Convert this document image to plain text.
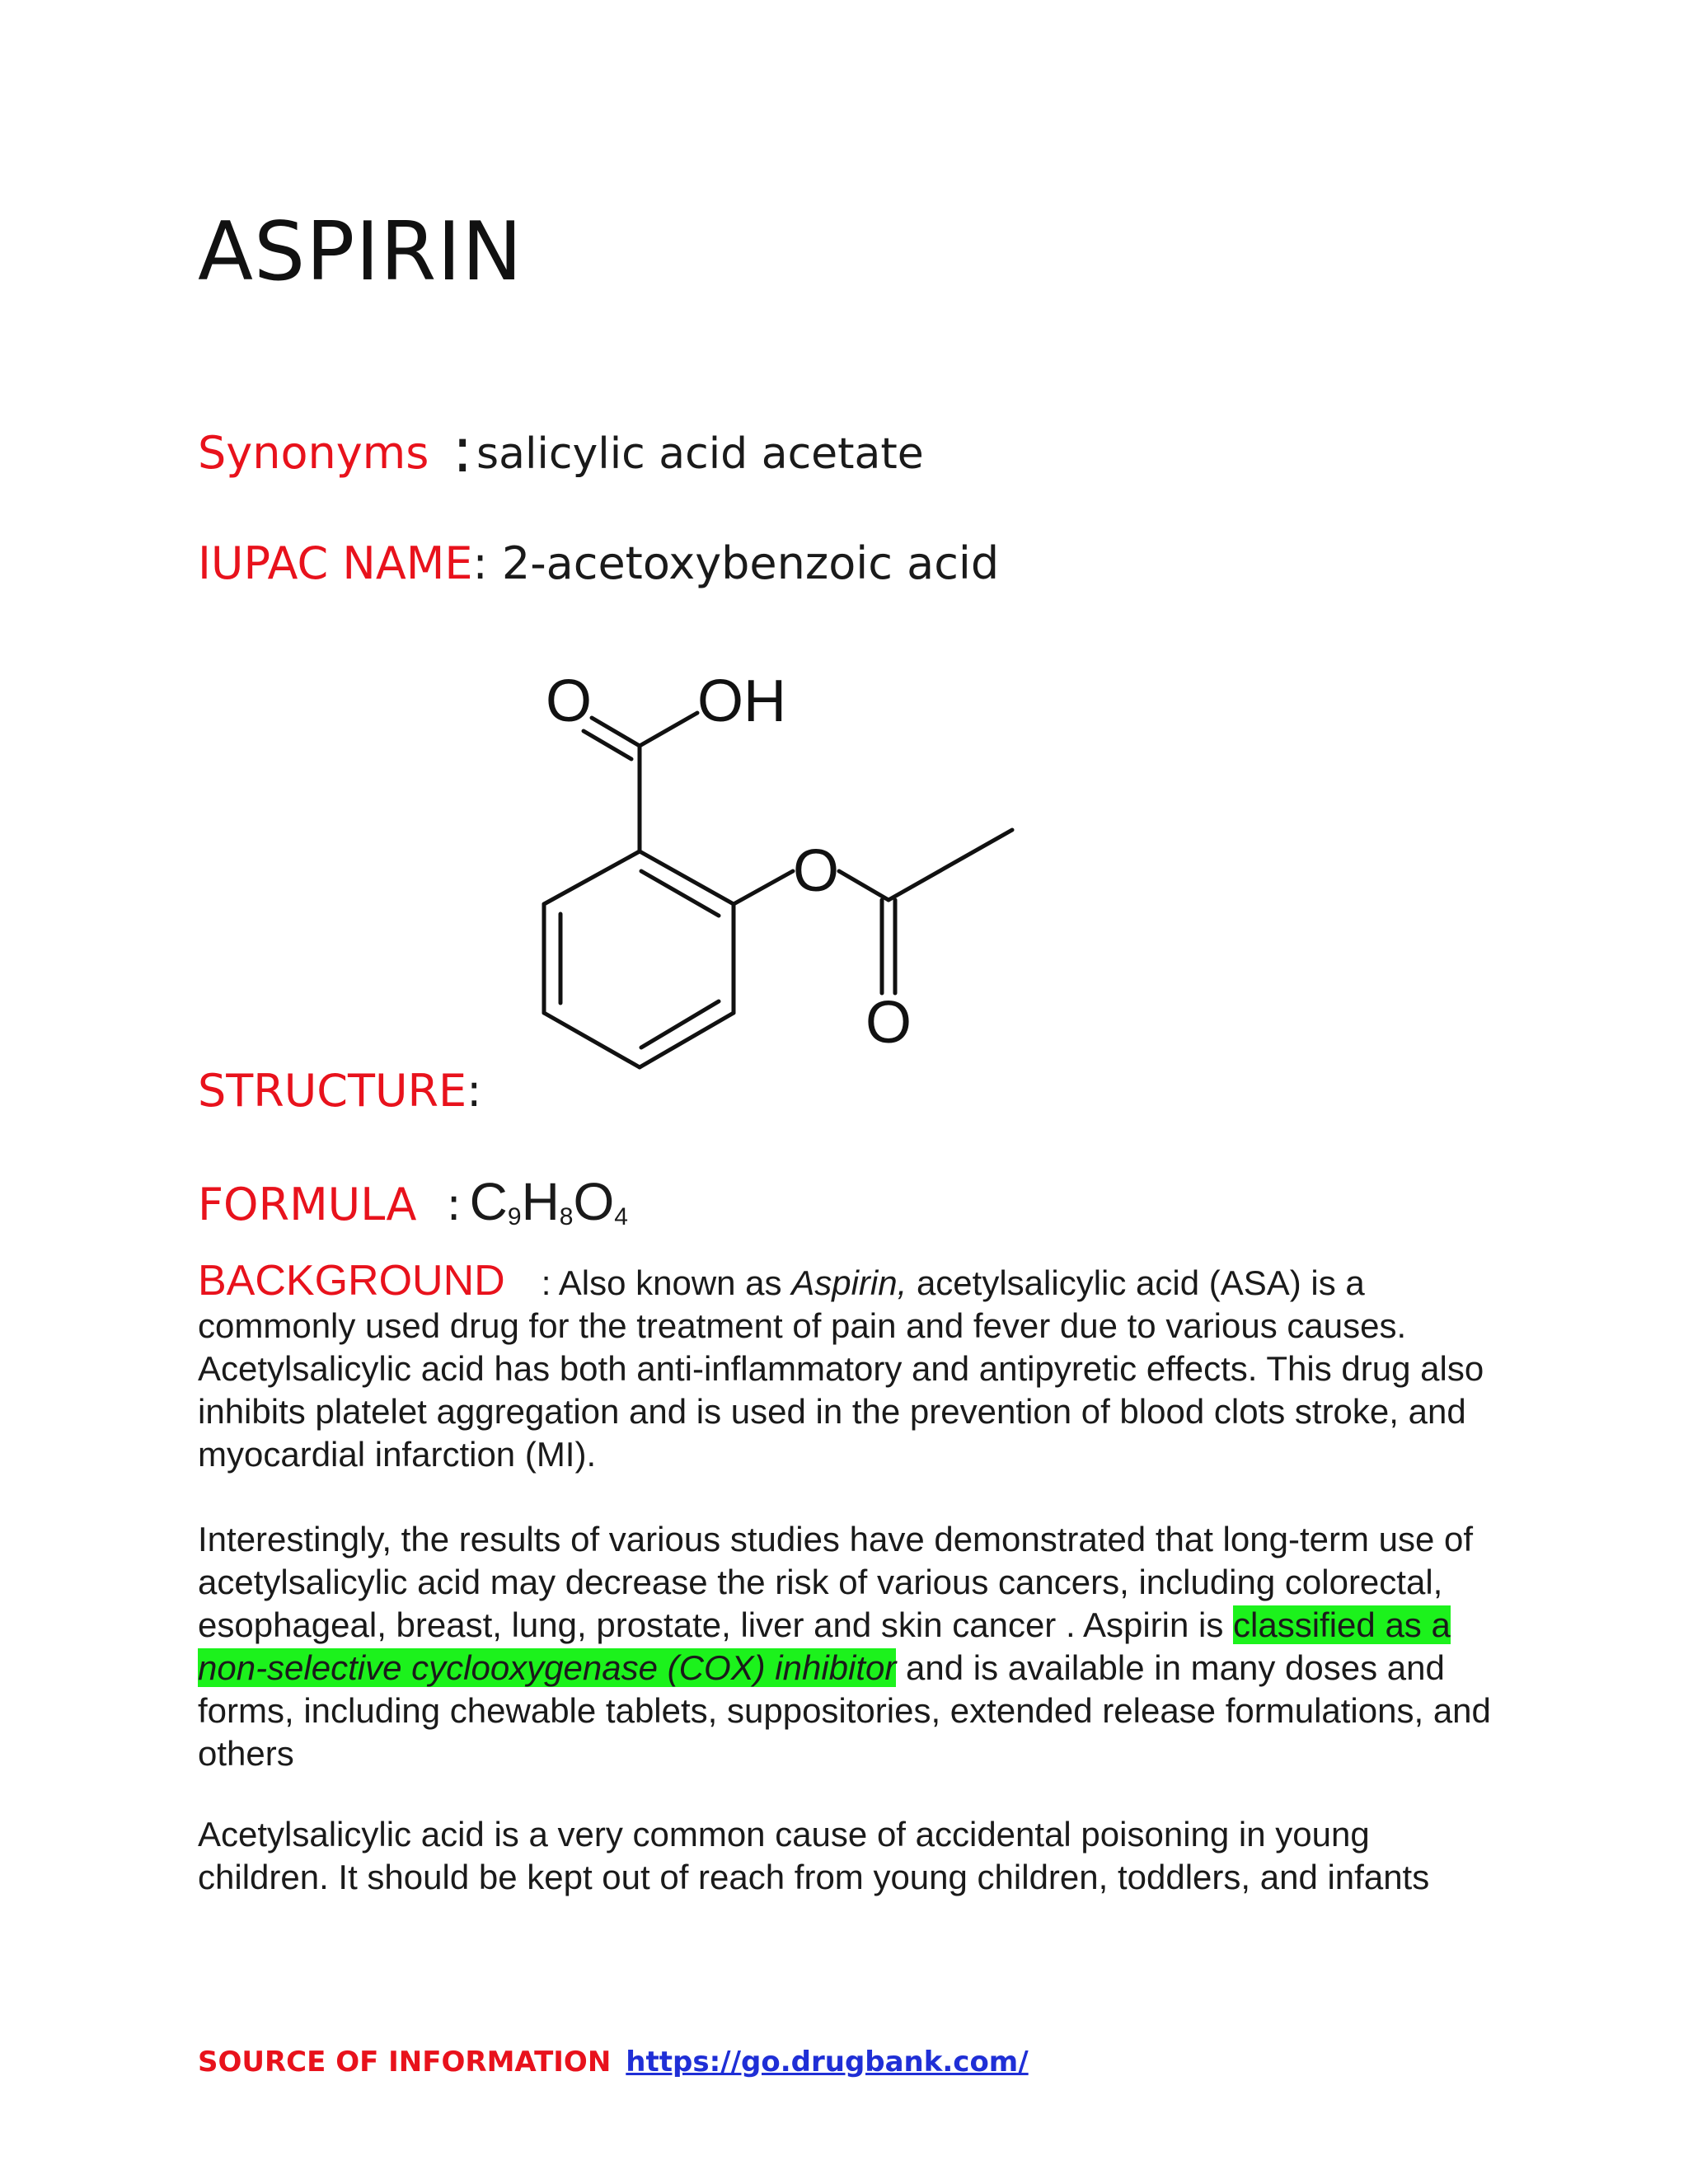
ASPIRIN
Synonyms :salicylic acid acetate
IUPAC NAME: 2-acetoxybenzoic acid
O OH
O
O
STRUCTURE:
FORMULA : $C_9H_8O_4$

BACKGROUND : Also known as Aspirin, acetylsalicylic acid (ASA) is a commonly used drug for the treatment of pain and fever due to various causes. Acetylsalicylic acid has both anti-inflammatory and antipyretic effects. This drug also inhibits platelet aggregation and is used in the prevention of blood clots stroke, and myocardial infarction (MI).

Interestingly, the results of various studies have demonstrated that long-term use of acetylsalicylic acid may decrease the risk of various cancers, including colorectal, esophageal, breast, lung, prostate, liver and skin cancer . Aspirin is classified as a non-selective cyclooxygenase (COX) inhibitor and is available in many doses and forms, including chewable tablets, suppositories, extended release formulations, and others

Acetylsalicylic acid is a very common cause of accidental poisoning in young children. It should be kept out of reach from young children, toddlers, and infants

SOURCE OF INFORMATION https://go.drugbank.com/
